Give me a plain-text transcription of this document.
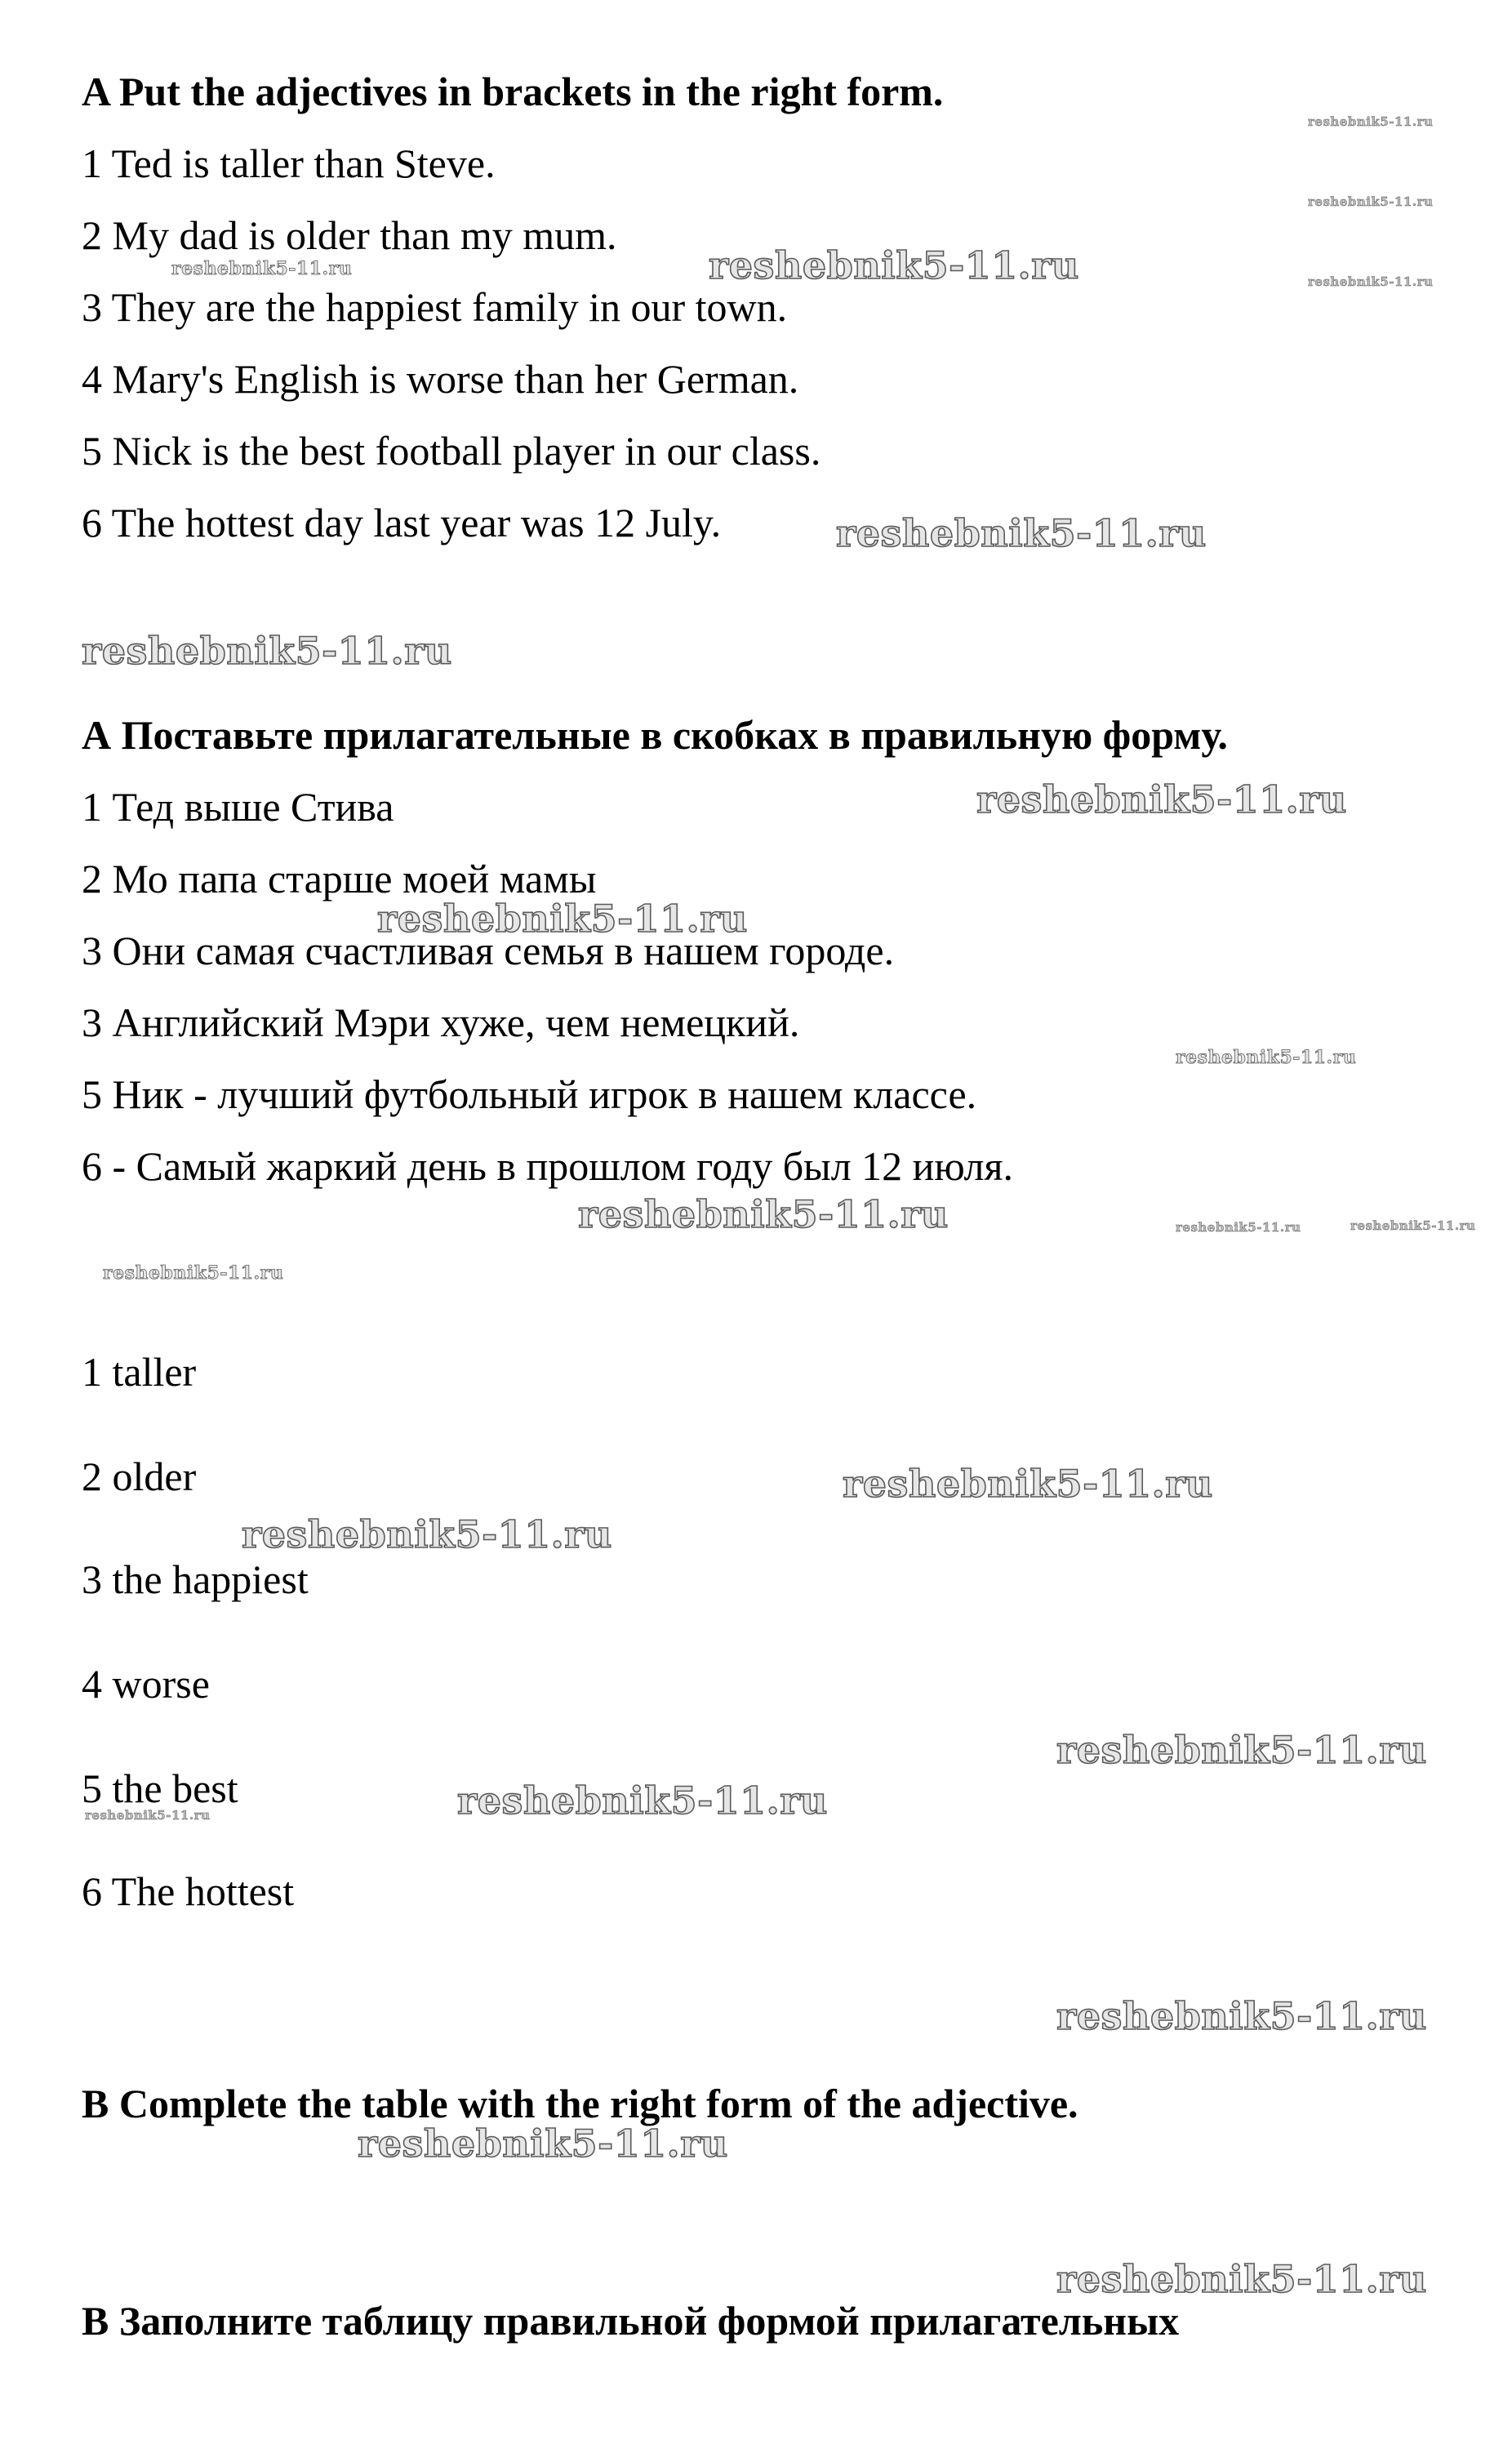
A Put the adjectives in brackets in the right form.

1 Ted is taller than Steve.

2 My dad is older than my mum.

3 They are the happiest family in our town.

4 Mary's English is worse than her German.

5 Nick is the best football player in our class.

6 The hottest day last year was 12 July.

А Поставьте прилагательные в скобках в правильную форму.

1 Тед выше Стива

2 Мо папа старше моей мамы

3 Они самая счастливая семья в нашем городе.

3 Английский Мэри хуже, чем немецкий.

5 Ник - лучший футбольный игрок в нашем классе.

6 - Самый жаркий день в прошлом году был 12 июля.

1 taller

2 older

3 the happiest

4 worse

5 the best

6 The hottest

B Complete the table with the right form of the adjective.

В Заполните таблицу правильной формой прилагательных

reshebnik5-11.ru
reshebnik5-11.ru
reshebnik5-11.ru
reshebnik5-11.ru	reshebnik5-11.ru
reshebnik5-11.ru
reshebnik5-11.ru
reshebnik5-11.ru
reshebnik5-11.ru
reshebnik5-11.ru
reshebnik5-11.ru	reshebnik5-11.ru	reshebnik5-11.ru
reshebnik5-11.ru
reshebnik5-11.ru
reshebnik5-11.ru
reshebnik5-11.ru
reshebnik5-11.ru
reshebnik5-11.ru
reshebnik5-11.ru
reshebnik5-11.ru
reshebnik5-11.ru
